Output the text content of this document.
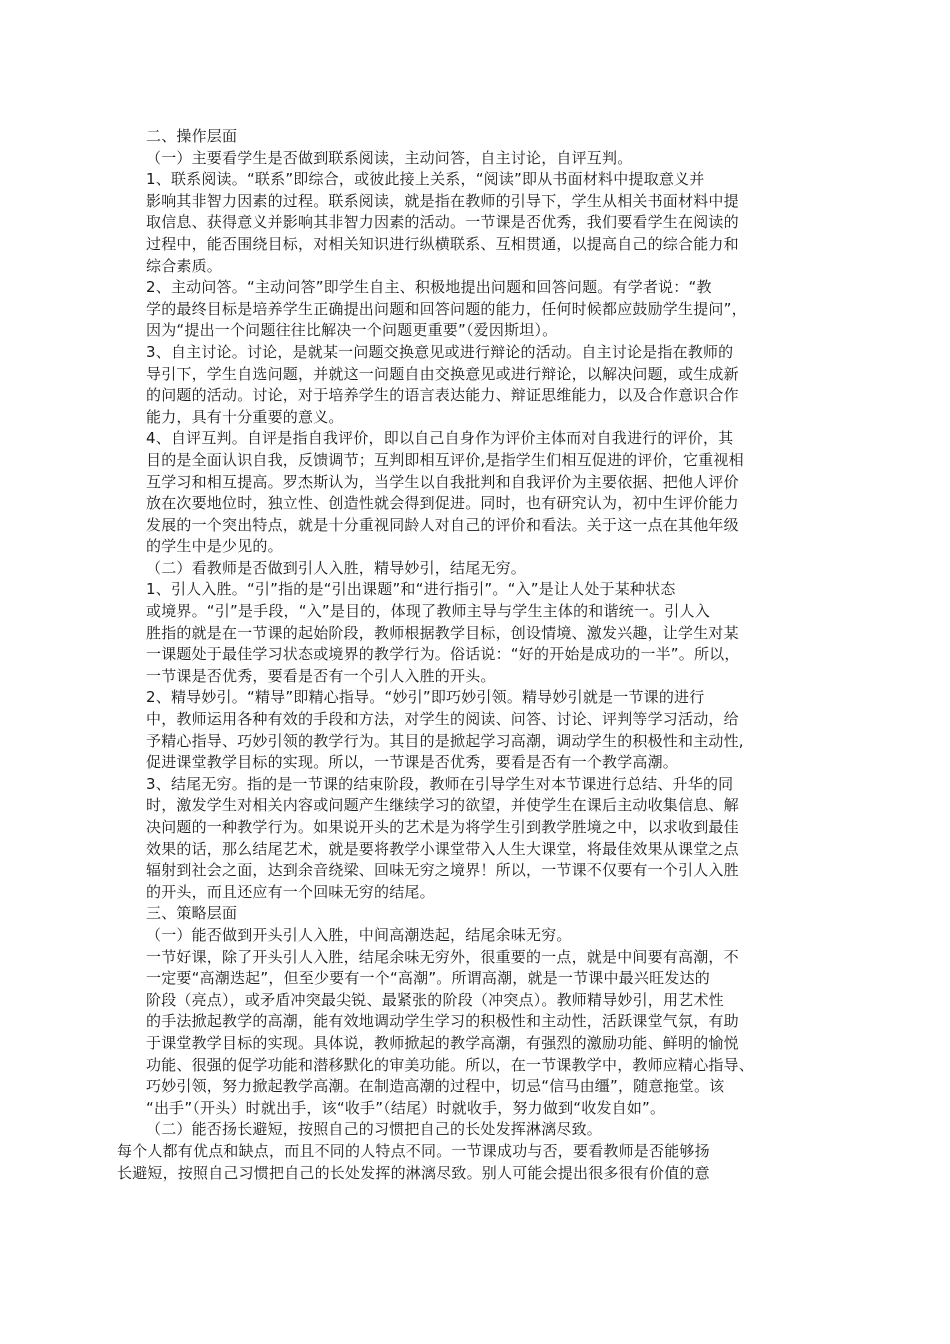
二、操作层面
（一）主要看学生是否做到联系阅读，主动问答，自主讨论，自评互判。
1、联系阅读。“联系”即综合，或彼此接上关系，“阅读”即从书面材料中提取意义并
影响其非智力因素的过程。联系阅读，就是指在教师的引导下，学生从相关书面材料中提
取信息、获得意义并影响其非智力因素的活动。一节课是否优秀，我们要看学生在阅读的
过程中，能否围绕目标，对相关知识进行纵横联系、互相贯通，以提高自己的综合能力和
综合素质。
2、主动问答。“主动问答”即学生自主、积极地提出问题和回答问题。有学者说：“教
学的最终目标是培养学生正确提出问题和回答问题的能力，任何时候都应鼓励学生提问”，
因为“提出一个问题往往比解决一个问题更重要”（爱因斯坦）。
3、自主讨论。讨论，是就某一问题交换意见或进行辩论的活动。自主讨论是指在教师的
导引下，学生自选问题，并就这一问题自由交换意见或进行辩论，以解决问题，或生成新
的问题的活动。讨论，对于培养学生的语言表达能力、辩证思维能力，以及合作意识合作
能力，具有十分重要的意义。
4、自评互判。自评是指自我评价，即以自己自身作为评价主体而对自我进行的评价，其
目的是全面认识自我，反馈调节；互判即相互评价,是指学生们相互促进的评价，它重视相
互学习和相互提高。罗杰斯认为，当学生以自我批判和自我评价为主要依据、把他人评价
放在次要地位时，独立性、创造性就会得到促进。同时，也有研究认为，初中生评价能力
发展的一个突出特点，就是十分重视同龄人对自己的评价和看法。关于这一点在其他年级
的学生中是少见的。
（二）看教师是否做到引人入胜，精导妙引，结尾无穷。
1、引人入胜。“引”指的是“引出课题”和“进行指引”。“入”是让人处于某种状态
或境界。“引”是手段，“入”是目的，体现了教师主导与学生主体的和谐统一。引人入
胜指的就是在一节课的起始阶段，教师根据教学目标，创设情境、激发兴趣，让学生对某
一课题处于最佳学习状态或境界的教学行为。俗话说：“好的开始是成功的一半”。所以，
一节课是否优秀，要看是否有一个引人入胜的开头。
2、精导妙引。“精导”即精心指导。“妙引”即巧妙引领。精导妙引就是一节课的进行
中，教师运用各种有效的手段和方法，对学生的阅读、问答、讨论、评判等学习活动，给
予精心指导、巧妙引领的教学行为。其目的是掀起学习高潮，调动学生的积极性和主动性,
促进课堂教学目标的实现。所以，一节课是否优秀，要看是否有一个教学高潮。
3、结尾无穷。指的是一节课的结束阶段，教师在引导学生对本节课进行总结、升华的同
时，激发学生对相关内容或问题产生继续学习的欲望，并使学生在课后主动收集信息、解
决问题的一种教学行为。如果说开头的艺术是为将学生引到教学胜境之中，以求收到最佳
效果的话，那么结尾艺术，就是要将教学小课堂带入人生大课堂，将最佳效果从课堂之点
辐射到社会之面，达到余音绕梁、回味无穷之境界！所以，一节课不仅要有一个引人入胜
的开头，而且还应有一个回味无穷的结尾。
三、策略层面
（一）能否做到开头引人入胜，中间高潮迭起，结尾余味无穷。
一节好课，除了开头引人入胜，结尾余味无穷外，很重要的一点，就是中间要有高潮，不
一定要“高潮迭起”，但至少要有一个“高潮”。所谓高潮，就是一节课中最兴旺发达的
阶段（亮点），或矛盾冲突最尖锐、最紧张的阶段（冲突点）。教师精导妙引，用艺术性
的手法掀起教学的高潮，能有效地调动学生学习的积极性和主动性，活跃课堂气氛，有助
于课堂教学目标的实现。具体说，教师掀起的教学高潮，有强烈的激励功能、鲜明的愉悦
功能、很强的促学功能和潜移默化的审美功能。所以，在一节课教学中，教师应精心指导、
巧妙引领，努力掀起教学高潮。在制造高潮的过程中，切忌“信马由缰”，随意拖堂。该
“出手”（开头）时就出手，该“收手”（结尾）时就收手，努力做到“收发自如”。
（二）能否扬长避短，按照自己的习惯把自己的长处发挥淋漓尽致。
每个人都有优点和缺点，而且不同的人特点不同。一节课成功与否，要看教师是否能够扬
长避短，按照自己习惯把自己的长处发挥的淋漓尽致。别人可能会提出很多很有价值的意
